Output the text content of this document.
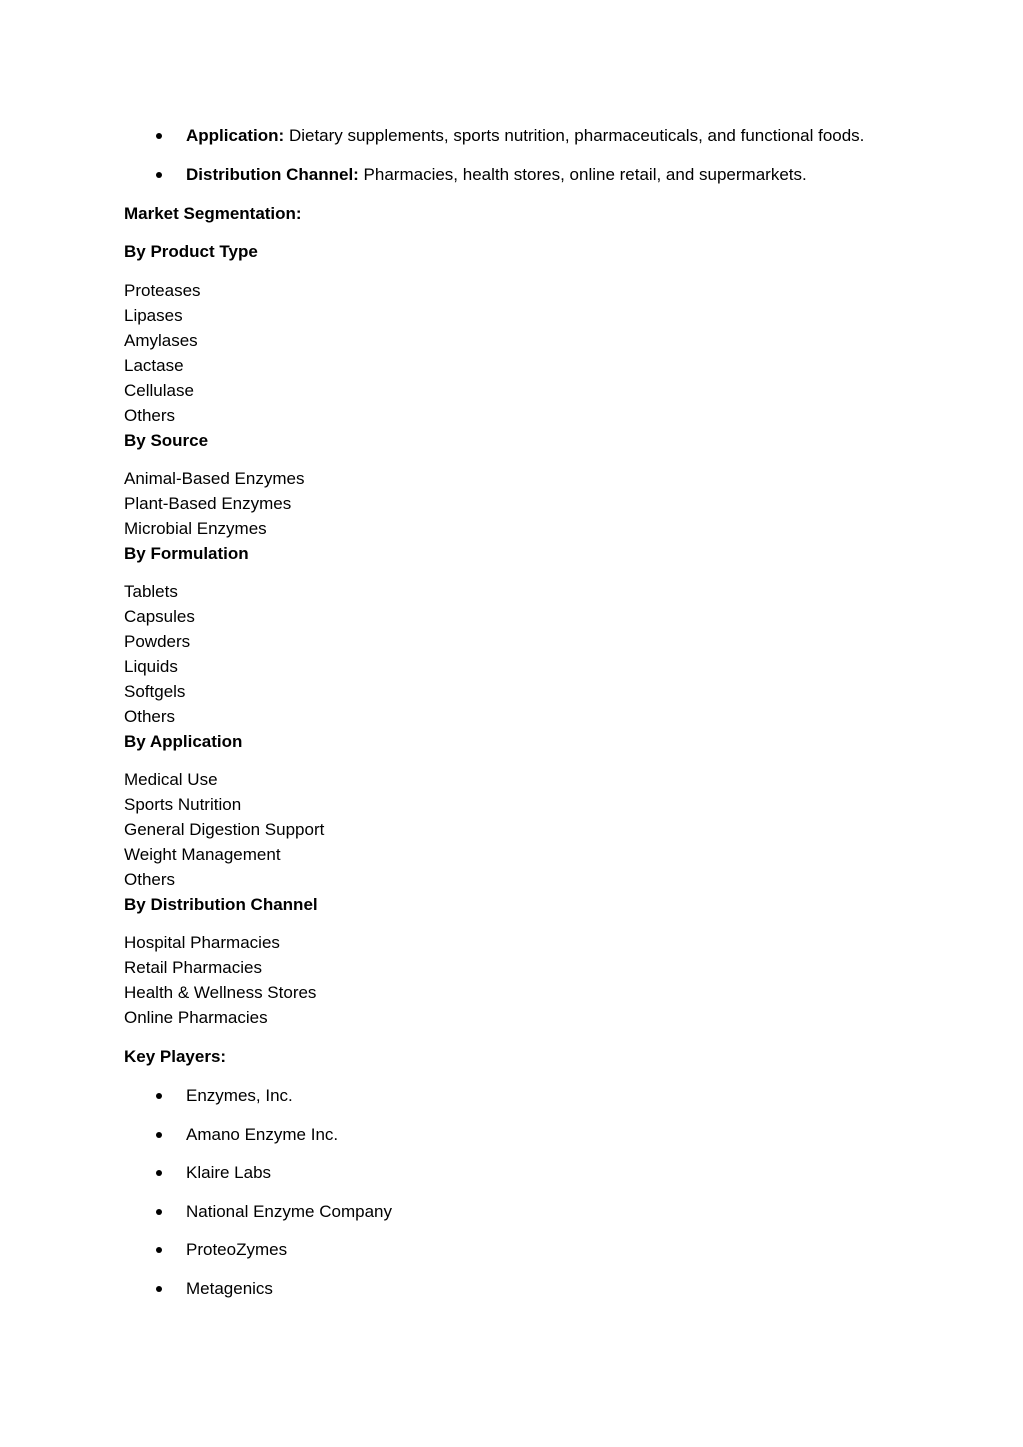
Application: Dietary supplements, sports nutrition, pharmaceuticals, and functional foods.
Distribution Channel: Pharmacies, health stores, online retail, and supermarkets.
Market Segmentation:
By Product Type
Proteases
Lipases
Amylases
Lactase
Cellulase
Others
By Source
Animal-Based Enzymes
Plant-Based Enzymes
Microbial Enzymes
By Formulation
Tablets
Capsules
Powders
Liquids
Softgels
Others
By Application
Medical Use
Sports Nutrition
General Digestion Support
Weight Management
Others
By Distribution Channel
Hospital Pharmacies
Retail Pharmacies
Health & Wellness Stores
Online Pharmacies
Key Players:
Enzymes, Inc.
Amano Enzyme Inc.
Klaire Labs
National Enzyme Company
ProteoZymes
Metagenics
